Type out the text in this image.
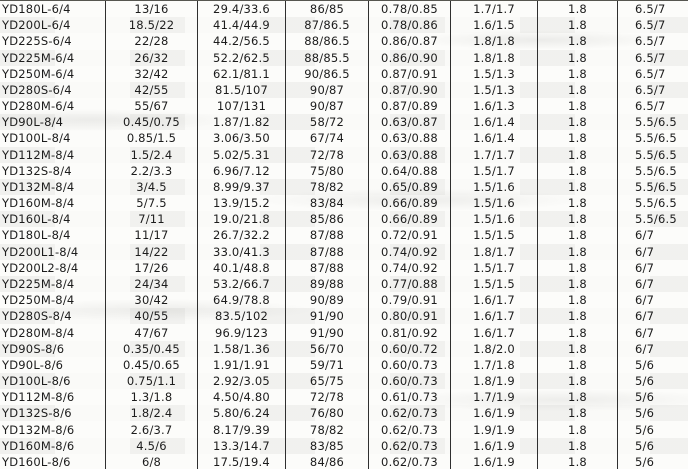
YD180L-6/4	13/16	29.4/33.6	86/85	0.78/0.85	1.7/1.7	1.8	6.5/7
YD200L-6/4	18.5/22	41.4/44.9	87/86.5	0.78/0.86	1.6/1.5	1.8	6.5/7
YD225S-6/4	22/28	44.2/56.5	88/86.5	0.86/0.87	1.8/1.8	1.8	6.5/7
YD225M-6/4	26/32	52.2/62.5	88/85.5	0.86/0.90	1.8/1.8	1.8	6.5/7
YD250M-6/4	32/42	62.1/81.1	90/86.5	0.87/0.91	1.5/1.3	1.8	6.5/7
YD280S-6/4	42/55	81.5/107	90/87	0.87/0.90	1.5/1.3	1.8	6.5/7
YD280M-6/4	55/67	107/131	90/87	0.87/0.89	1.6/1.3	1.8	6.5/7
YD90L-8/4	0.45/0.75	1.87/1.82	58/72	0.63/0.87	1.6/1.4	1.8	5.5/6.5
YD100L-8/4	0.85/1.5	3.06/3.50	67/74	0.63/0.88	1.6/1.4	1.8	5.5/6.5
YD112M-8/4	1.5/2.4	5.02/5.31	72/78	0.63/0.88	1.7/1.7	1.8	5.5/6.5
YD132S-8/4	2.2/3.3	6.96/7.12	75/80	0.64/0.88	1.5/1.7	1.8	5.5/6.5
YD132M-8/4	3/4.5	8.99/9.37	78/82	0.65/0.89	1.5/1.6	1.8	5.5/6.5
YD160M-8/4	5/7.5	13.9/15.2	83/84	0.66/0.89	1.5/1.6	1.8	5.5/6.5
YD160L-8/4	7/11	19.0/21.8	85/86	0.66/0.89	1.5/1.6	1.8	5.5/6.5
YD180L-8/4	11/17	26.7/32.2	87/88	0.72/0.91	1.5/1.5	1.8	6/7
YD200L1-8/4	14/22	33.0/41.3	87/88	0.74/0.92	1.8/1.7	1.8	6/7
YD200L2-8/4	17/26	40.1/48.8	87/88	0.74/0.92	1.5/1.7	1.8	6/7
YD225M-8/4	24/34	53.2/66.7	89/88	0.77/0.88	1.5/1.5	1.8	6/7
YD250M-8/4	30/42	64.9/78.8	90/89	0.79/0.91	1.6/1.7	1.8	6/7
YD280S-8/4	40/55	83.5/102	91/90	0.80/0.91	1.6/1.7	1.8	6/7
YD280M-8/4	47/67	96.9/123	91/90	0.81/0.92	1.6/1.7	1.8	6/7
YD90S-8/6	0.35/0.45	1.58/1.36	56/70	0.60/0.72	1.8/2.0	1.8	6/7
YD90L-8/6	0.45/0.65	1.91/1.91	59/71	0.60/0.73	1.7/1.8	1.8	5/6
YD100L-8/6	0.75/1.1	2.92/3.05	65/75	0.60/0.73	1.8/1.9	1.8	5/6
YD112M-8/6	1.3/1.8	4.50/4.80	72/78	0.61/0.73	1.7/1.9	1.8	5/6
YD132S-8/6	1.8/2.4	5.80/6.24	76/80	0.62/0.73	1.6/1.9	1.8	5/6
YD132M-8/6	2.6/3.7	8.17/9.39	78/82	0.62/0.73	1.9/1.9	1.8	5/6
YD160M-8/6	4.5/6	13.3/14.7	83/85	0.62/0.73	1.6/1.9	1.8	5/6
YD160L-8/6	6/8	17.5/19.4	84/86	0.62/0.73	1.6/1.9	1.8	5/6
